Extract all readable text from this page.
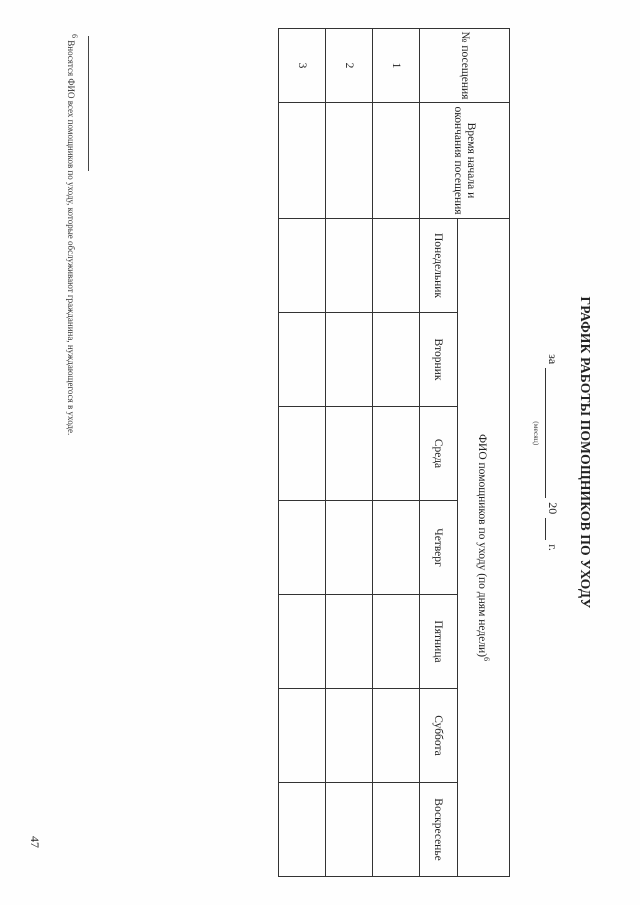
ГРАФИК РАБОТЫ ПОМОЩНИКОВ ПО УХОДУ
за
(месяц)
20
г.
№ посещения	Время начала и окончания посещения	ФИО помощников по уходу (по дням недели)$^6$
		Понедельник	Вторник	Среда	Четверг	Пятница	Суббота	Воскресенье
1								
2								
3								
$^6$ Вносятся ФИО всех помощников по уходу, которые обслуживают гражданина, нуждающегося в уходе.
47
